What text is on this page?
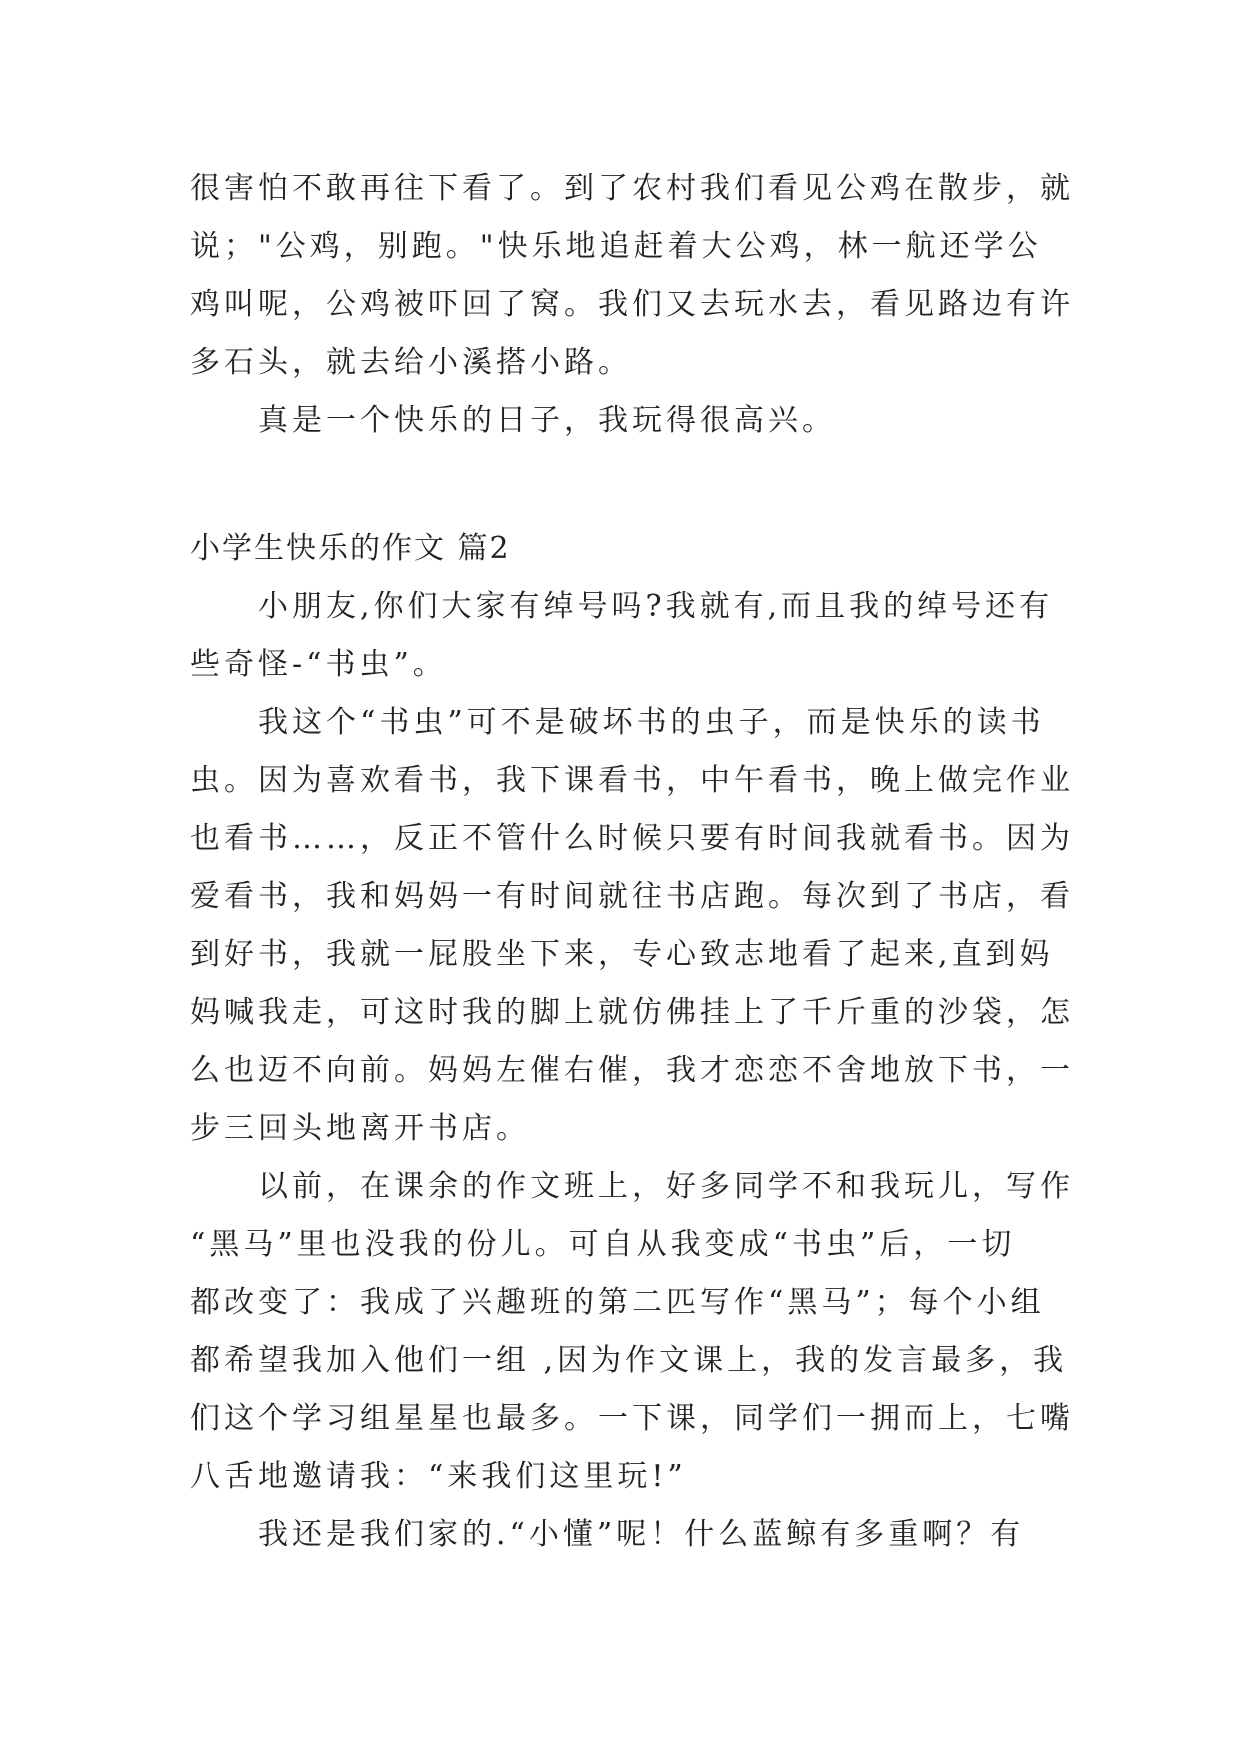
很害怕不敢再往下看了。到了农村我们看见公鸡在散步，就
说；"公鸡，别跑。"快乐地追赶着大公鸡，林一航还学公
鸡叫呢，公鸡被吓回了窝。我们又去玩水去，看见路边有许
多石头，就去给小溪搭小路。
　　真是一个快乐的日子，我玩得很高兴。
小学生快乐的作文 篇2
　　小朋友,你们大家有绰号吗?我就有,而且我的绰号还有
些奇怪-“书虫”。
　　我这个“书虫”可不是破坏书的虫子，而是快乐的读书
虫。因为喜欢看书，我下课看书，中午看书，晚上做完作业
也看书……，反正不管什么时候只要有时间我就看书。因为
爱看书，我和妈妈一有时间就往书店跑。每次到了书店，看
到好书，我就一屁股坐下来，专心致志地看了起来,直到妈
妈喊我走，可这时我的脚上就仿佛挂上了千斤重的沙袋，怎
么也迈不向前。妈妈左催右催，我才恋恋不舍地放下书，一
步三回头地离开书店。
　　以前，在课余的作文班上，好多同学不和我玩儿，写作
“黑马”里也没我的份儿。可自从我变成“书虫”后，一切
都改变了：我成了兴趣班的第二匹写作“黑马”；每个小组
都希望我加入他们一组 ,因为作文课上，我的发言最多，我
们这个学习组星星也最多。一下课，同学们一拥而上，七嘴
八舌地邀请我：“来我们这里玩!”
　　我还是我们家的.“小懂”呢！什么蓝鲸有多重啊？有
